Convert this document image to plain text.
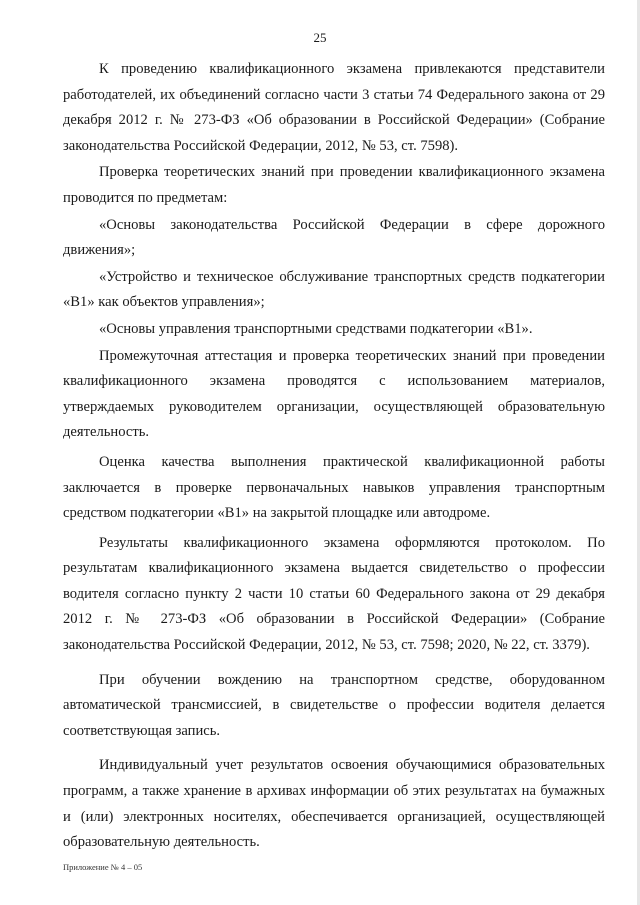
25

К проведению квалификационного экзамена привлекаются представители работодателей, их объединений согласно части 3 статьи 74 Федерального закона от 29 декабря 2012 г. № 273-ФЗ «Об образовании в Российской Федерации» (Собрание законодательства Российской Федерации, 2012, № 53, ст. 7598).

Проверка теоретических знаний при проведении квалификационного экзамена проводится по предметам:

«Основы законодательства Российской Федерации в сфере дорожного движения»;

«Устройство и техническое обслуживание транспортных средств подкатегории «B1» как объектов управления»;

«Основы управления транспортными средствами подкатегории «B1».

Промежуточная аттестация и проверка теоретических знаний при проведении квалификационного экзамена проводятся с использованием материалов, утверждаемых руководителем организации, осуществляющей образовательную деятельность.

Оценка качества выполнения практической квалификационной работы заключается в проверке первоначальных навыков управления транспортным средством подкатегории «B1» на закрытой площадке или автодроме.

Результаты квалификационного экзамена оформляются протоколом. По результатам квалификационного экзамена выдается свидетельство о профессии водителя согласно пункту 2 части 10 статьи 60 Федерального закона от 29 декабря 2012 г. № 273-ФЗ «Об образовании в Российской Федерации» (Собрание законодательства Российской Федерации, 2012, № 53, ст. 7598; 2020, № 22, ст. 3379).

При обучении вождению на транспортном средстве, оборудованном автоматической трансмиссией, в свидетельстве о профессии водителя делается соответствующая запись.

Индивидуальный учет результатов освоения обучающимися образовательных программ, а также хранение в архивах информации об этих результатах на бумажных и (или) электронных носителях, обеспечивается организацией, осуществляющей образовательную деятельность.

Приложение № 4 – 05
